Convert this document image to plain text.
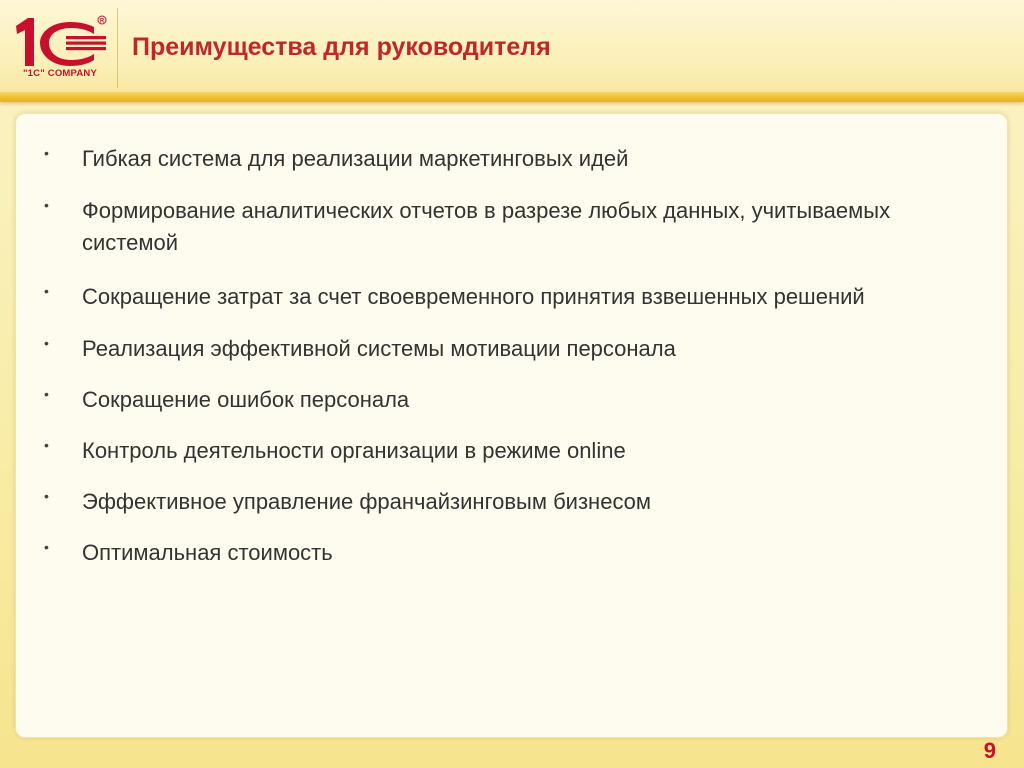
R
"1C" COMPANY
Преимущества для руководителя
• Гибкая система для реализации маркетинговых идей
• Формирование аналитических отчетов в разрезе любых данных, учитываемых системой
• Сокращение затрат за счет своевременного принятия взвешенных решений
• Реализация эффективной системы мотивации персонала
• Сокращение ошибок персонала
• Контроль деятельности организации в режиме online
• Эффективное управление франчайзинговым бизнесом
• Оптимальная стоимость
9
